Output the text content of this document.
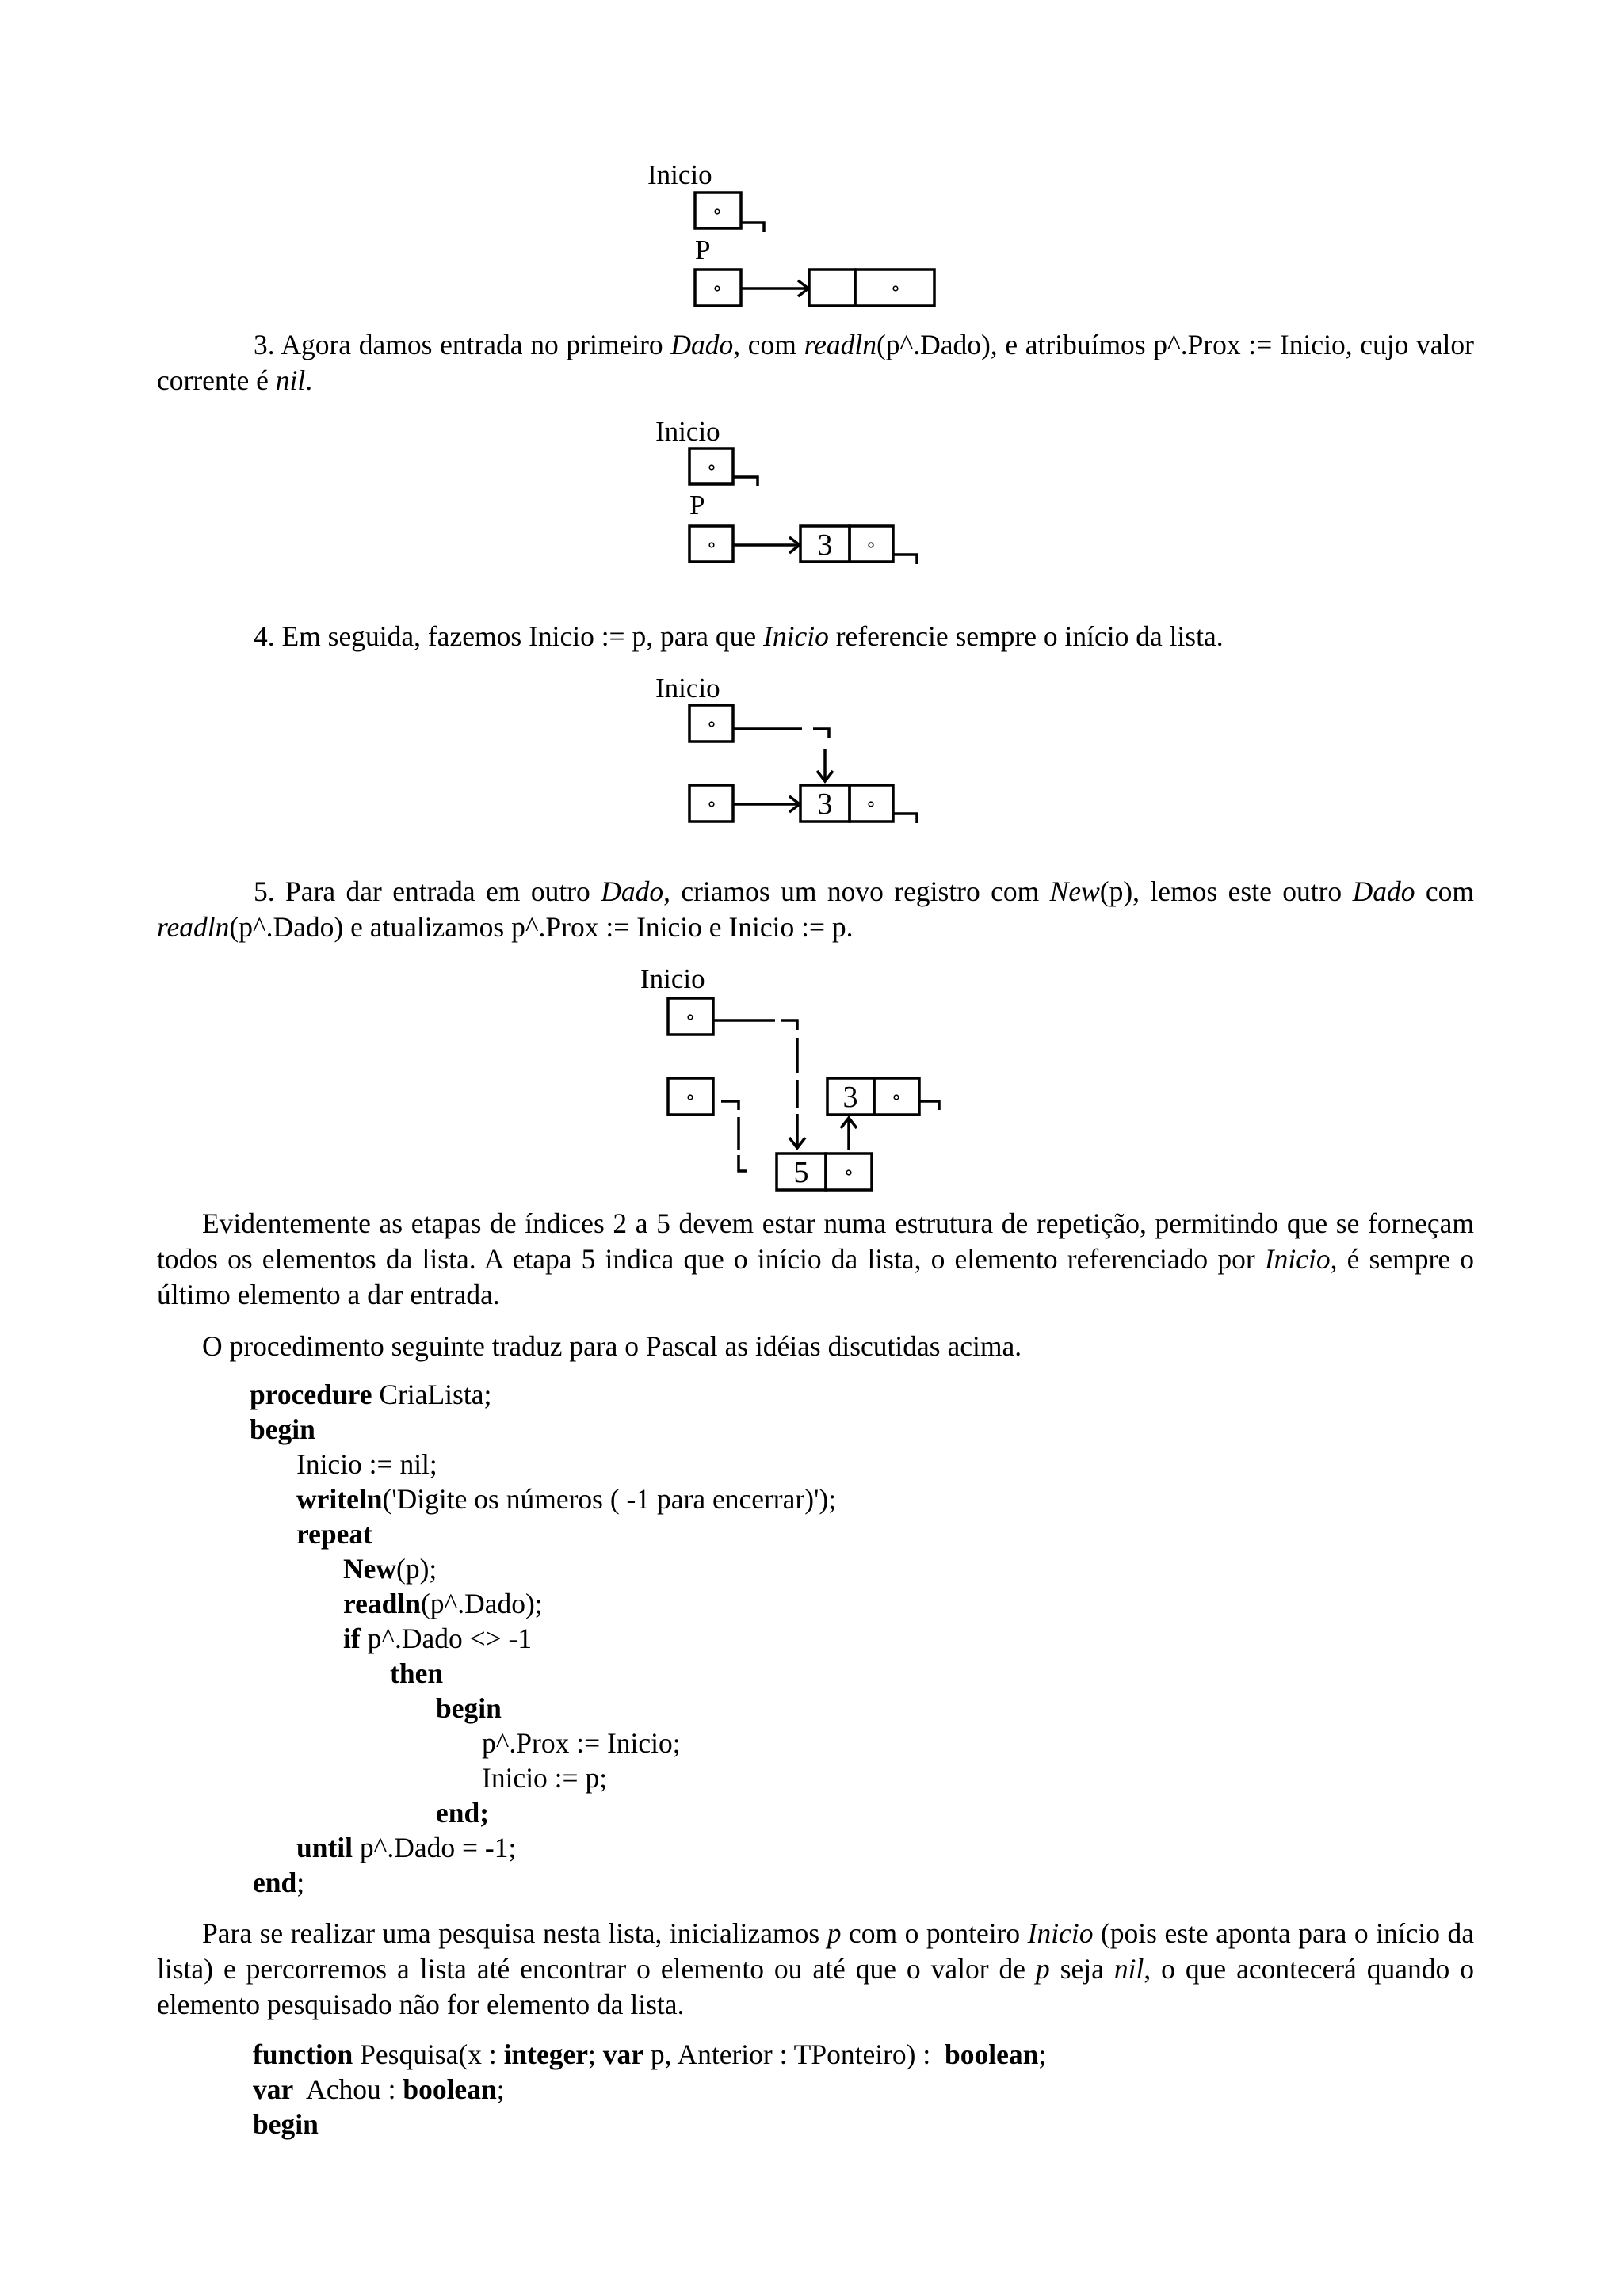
Inicio
P

3. Agora damos entrada no primeiro Dado, com readln(p^.Dado), e atribuímos p^.Prox := Inicio, cujo valor corrente é nil.

Inicio
P
3

4. Em seguida, fazemos Inicio := p, para que Inicio referencie sempre o início da lista.

Inicio
3

5. Para dar entrada em outro Dado, criamos um novo registro com New(p), lemos este outro Dado com readln(p^.Dado) e atualizamos p^.Prox := Inicio e Inicio := p.

Inicio
3
5

Evidentemente as etapas de índices 2 a 5 devem estar numa estrutura de repetição, permitindo que se forneçam todos os elementos da lista. A etapa 5 indica que o início da lista, o elemento referenciado por Inicio, é sempre o último elemento a dar entrada.

O procedimento seguinte traduz para o Pascal as idéias discutidas acima.

procedure CriaLista;
begin
Inicio := nil;
writeln('Digite os números ( -1 para encerrar)');
repeat
New(p);
readln(p^.Dado);
if p^.Dado <> -1
then
begin
p^.Prox := Inicio;
Inicio := p;
end;
until p^.Dado = -1;
end;

Para se realizar uma pesquisa nesta lista, inicializamos p com o ponteiro Inicio (pois este aponta para o início da lista) e percorremos a lista até encontrar o elemento ou até que o valor de p seja nil, o que acontecerá quando o elemento pesquisado não for elemento da lista.

function Pesquisa(x : integer; var p, Anterior : TPonteiro) :  boolean;
var  Achou : boolean;
begin
